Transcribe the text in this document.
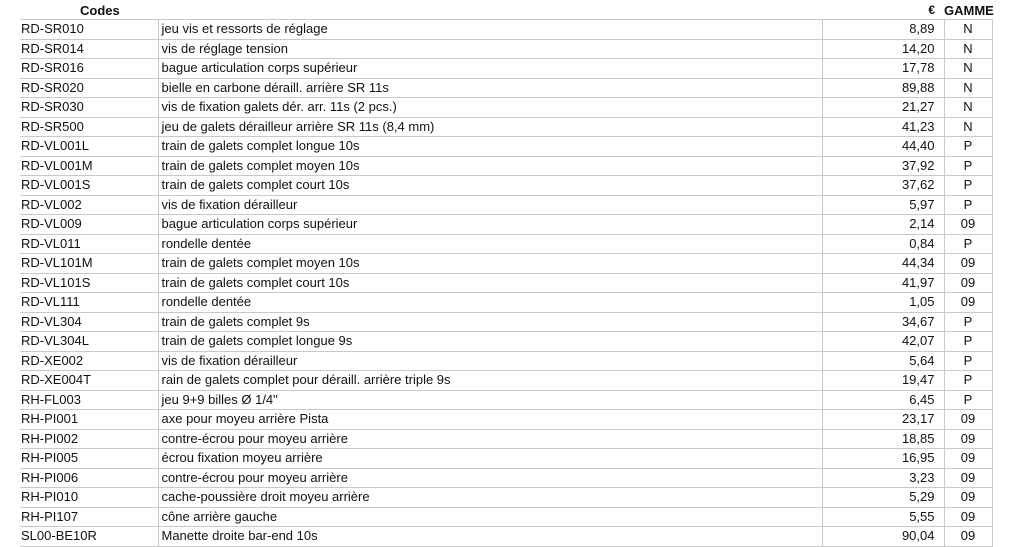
Codes		€	GAMME
RD-SR010	jeu vis et ressorts de réglage	8,89	N
RD-SR014	vis de réglage tension	14,20	N
RD-SR016	bague articulation corps supérieur	17,78	N
RD-SR020	bielle en carbone déraill. arrière SR 11s	89,88	N
RD-SR030	vis de fixation galets dér. arr. 11s (2 pcs.)	21,27	N
RD-SR500	jeu de galets dérailleur arrière SR 11s (8,4 mm)	41,23	N
RD-VL001L	train de galets complet longue 10s	44,40	P
RD-VL001M	train de galets complet moyen 10s	37,92	P
RD-VL001S	train de galets complet court 10s	37,62	P
RD-VL002	vis de fixation dérailleur	5,97	P
RD-VL009	bague articulation corps supérieur	2,14	09
RD-VL011	rondelle dentée	0,84	P
RD-VL101M	train de galets complet moyen 10s	44,34	09
RD-VL101S	train de galets complet court 10s	41,97	09
RD-VL111	rondelle dentée	1,05	09
RD-VL304	train de galets complet 9s	34,67	P
RD-VL304L	train de galets complet longue 9s	42,07	P
RD-XE002	vis de fixation dérailleur	5,64	P
RD-XE004T	rain de galets complet pour déraill. arrière triple 9s	19,47	P
RH-FL003	jeu 9+9 billes Ø 1/4"	6,45	P
RH-PI001	axe pour moyeu arrière Pista	23,17	09
RH-PI002	contre-écrou pour moyeu arrière	18,85	09
RH-PI005	écrou fixation moyeu arrière	16,95	09
RH-PI006	contre-écrou pour moyeu arrière	3,23	09
RH-PI010	cache-poussière droit moyeu arrière	5,29	09
RH-PI107	cône arrière gauche	5,55	09
SL00-BE10R	Manette droite bar-end 10s	90,04	09
